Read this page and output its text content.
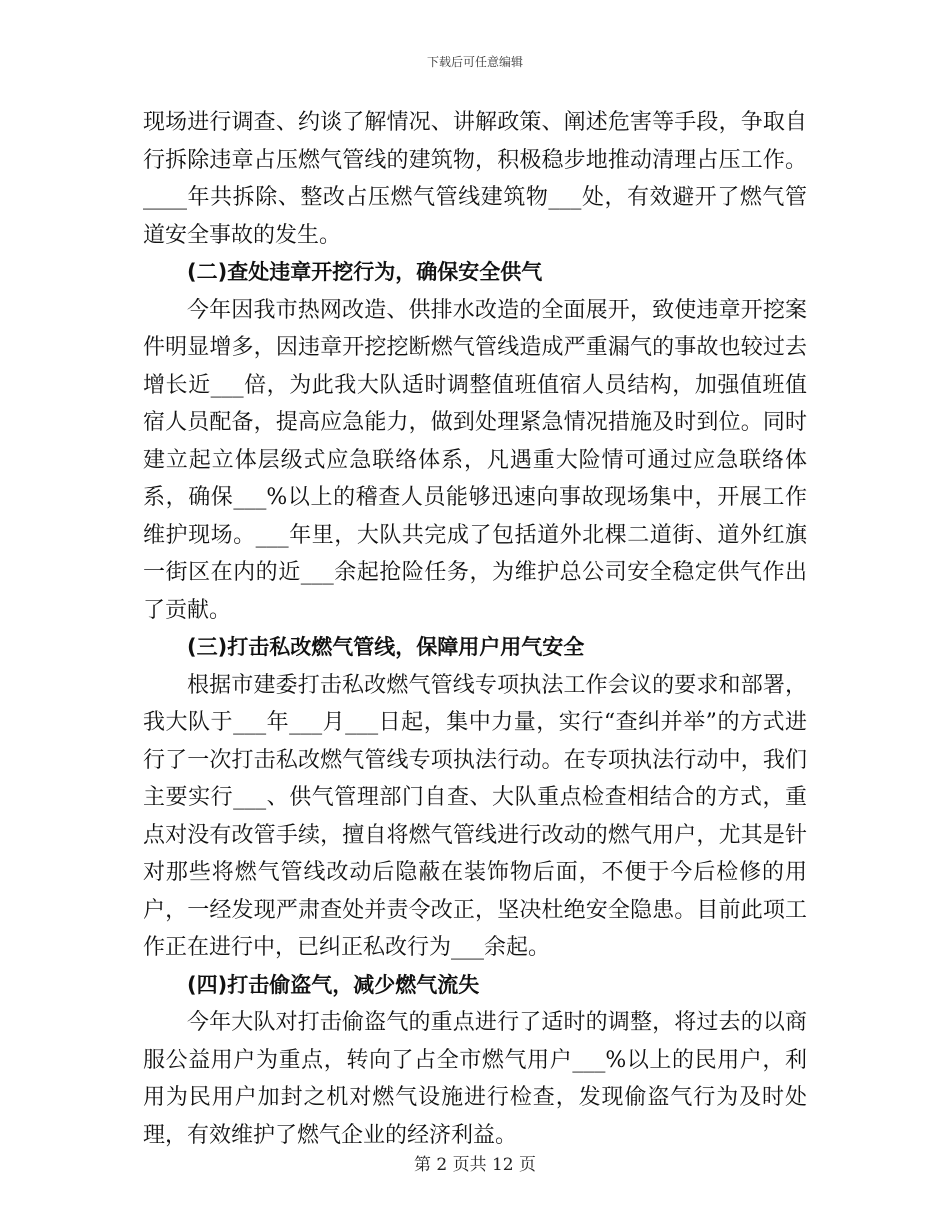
下载后可任意编辑

现场进行调查、约谈了解情况、讲解政策、阐述危害等手段，争取自行拆除违章占压燃气管线的建筑物，积极稳步地推动清理占压工作。____年共拆除、整改占压燃气管线建筑物___处，有效避开了燃气管道安全事故的发生。

(二)查处违章开挖行为，确保安全供气

今年因我市热网改造、供排水改造的全面展开，致使违章开挖案件明显增多，因违章开挖挖断燃气管线造成严重漏气的事故也较过去增长近___倍，为此我大队适时调整值班值宿人员结构，加强值班值宿人员配备，提高应急能力，做到处理紧急情况措施及时到位。同时建立起立体层级式应急联络体系，凡遇重大险情可通过应急联络体系，确保___%以上的稽查人员能够迅速向事故现场集中，开展工作维护现场。___年里，大队共完成了包括道外北棵二道街、道外红旗一街区在内的近___余起抢险任务，为维护总公司安全稳定供气作出了贡献。

(三)打击私改燃气管线，保障用户用气安全

根据市建委打击私改燃气管线专项执法工作会议的要求和部署，我大队于___年___月___日起，集中力量，实行“查纠并举”的方式进行了一次打击私改燃气管线专项执法行动。在专项执法行动中，我们主要实行___、供气管理部门自查、大队重点检查相结合的方式，重点对没有改管手续，擅自将燃气管线进行改动的燃气用户，尤其是针对那些将燃气管线改动后隐蔽在装饰物后面，不便于今后检修的用户，一经发现严肃查处并责令改正，坚决杜绝安全隐患。目前此项工作正在进行中，已纠正私改行为___余起。

(四)打击偷盗气，减少燃气流失

今年大队对打击偷盗气的重点进行了适时的调整，将过去的以商服公益用户为重点，转向了占全市燃气用户___%以上的民用户，利用为民用户加封之机对燃气设施进行检查，发现偷盗气行为及时处理，有效维护了燃气企业的经济利益。

第 2 页共 12 页
